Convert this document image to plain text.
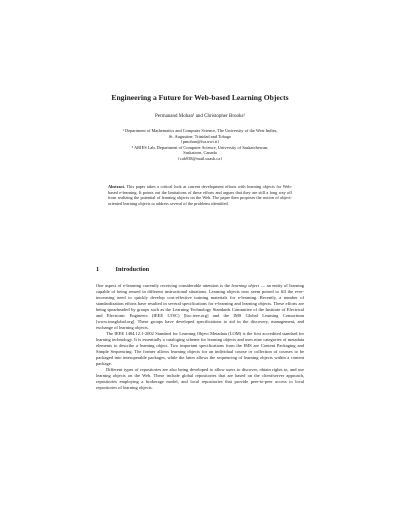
Engineering a Future for Web-based Learning Objects
Permanand Mohan¹ and Christopher Brooks²

¹ Department of Mathematics and Computer Science, The University of the West Indies,

St. Augustine, Trinidad and Tobago

{pmohan@fsa.uwi.tt}

² ARIES Lab, Department of Computer Science, University of Saskatchewan,

Saskatoon, Canada

{cab938@mail.usask.ca}

Abstract. This paper takes a critical look at current development efforts with learning objects for Web-based e-learning. It points out the limitations of these efforts and argues that they are still a long way off from realizing the potential of learning objects on the Web. The paper then proposes the notion of object-oriented learning objects to address several of the problems identified.
1	Introduction

One aspect of e-learning currently receiving considerable attention is the learning object — an entity of learning capable of being reused in different instructional situations. Learning objects now seem poised to fill the ever-increasing need to quickly develop cost-effective training materials for e-learning. Recently, a number of standardization efforts have resulted in several specifications for e-learning and learning objects. These efforts are being spearheaded by groups such as the Learning Technology Standards Committee of the Institute of Electrical and Electronic Engineers (IEEE LTSC) [ltsc.ieee.org] and the IMS Global Learning Consortium [www.imsglobal.org]. These groups have developed specifications to aid in the discovery, management, and exchange of learning objects.

The IEEE 1484.12.1-2002 Standard for Learning Object Metadata (LOM) is the first accredited standard for learning technology. It is essentially a cataloging scheme for learning objects and uses nine categories of metadata elements to describe a learning object. Two important specifications from the IMS are Content Packaging and Simple Sequencing. The former allows learning objects for an individual course or collection of courses to be packaged into interoperable packages, while the latter allows the sequencing of learning objects within a content package.

Different types of repositories are also being developed to allow users to discover, obtain rights to, and use learning objects on the Web. These include global repositories that are based on the client/server approach, repositories employing a brokerage model, and local repositories that provide peer-to-peer access to local repositories of learning objects.
